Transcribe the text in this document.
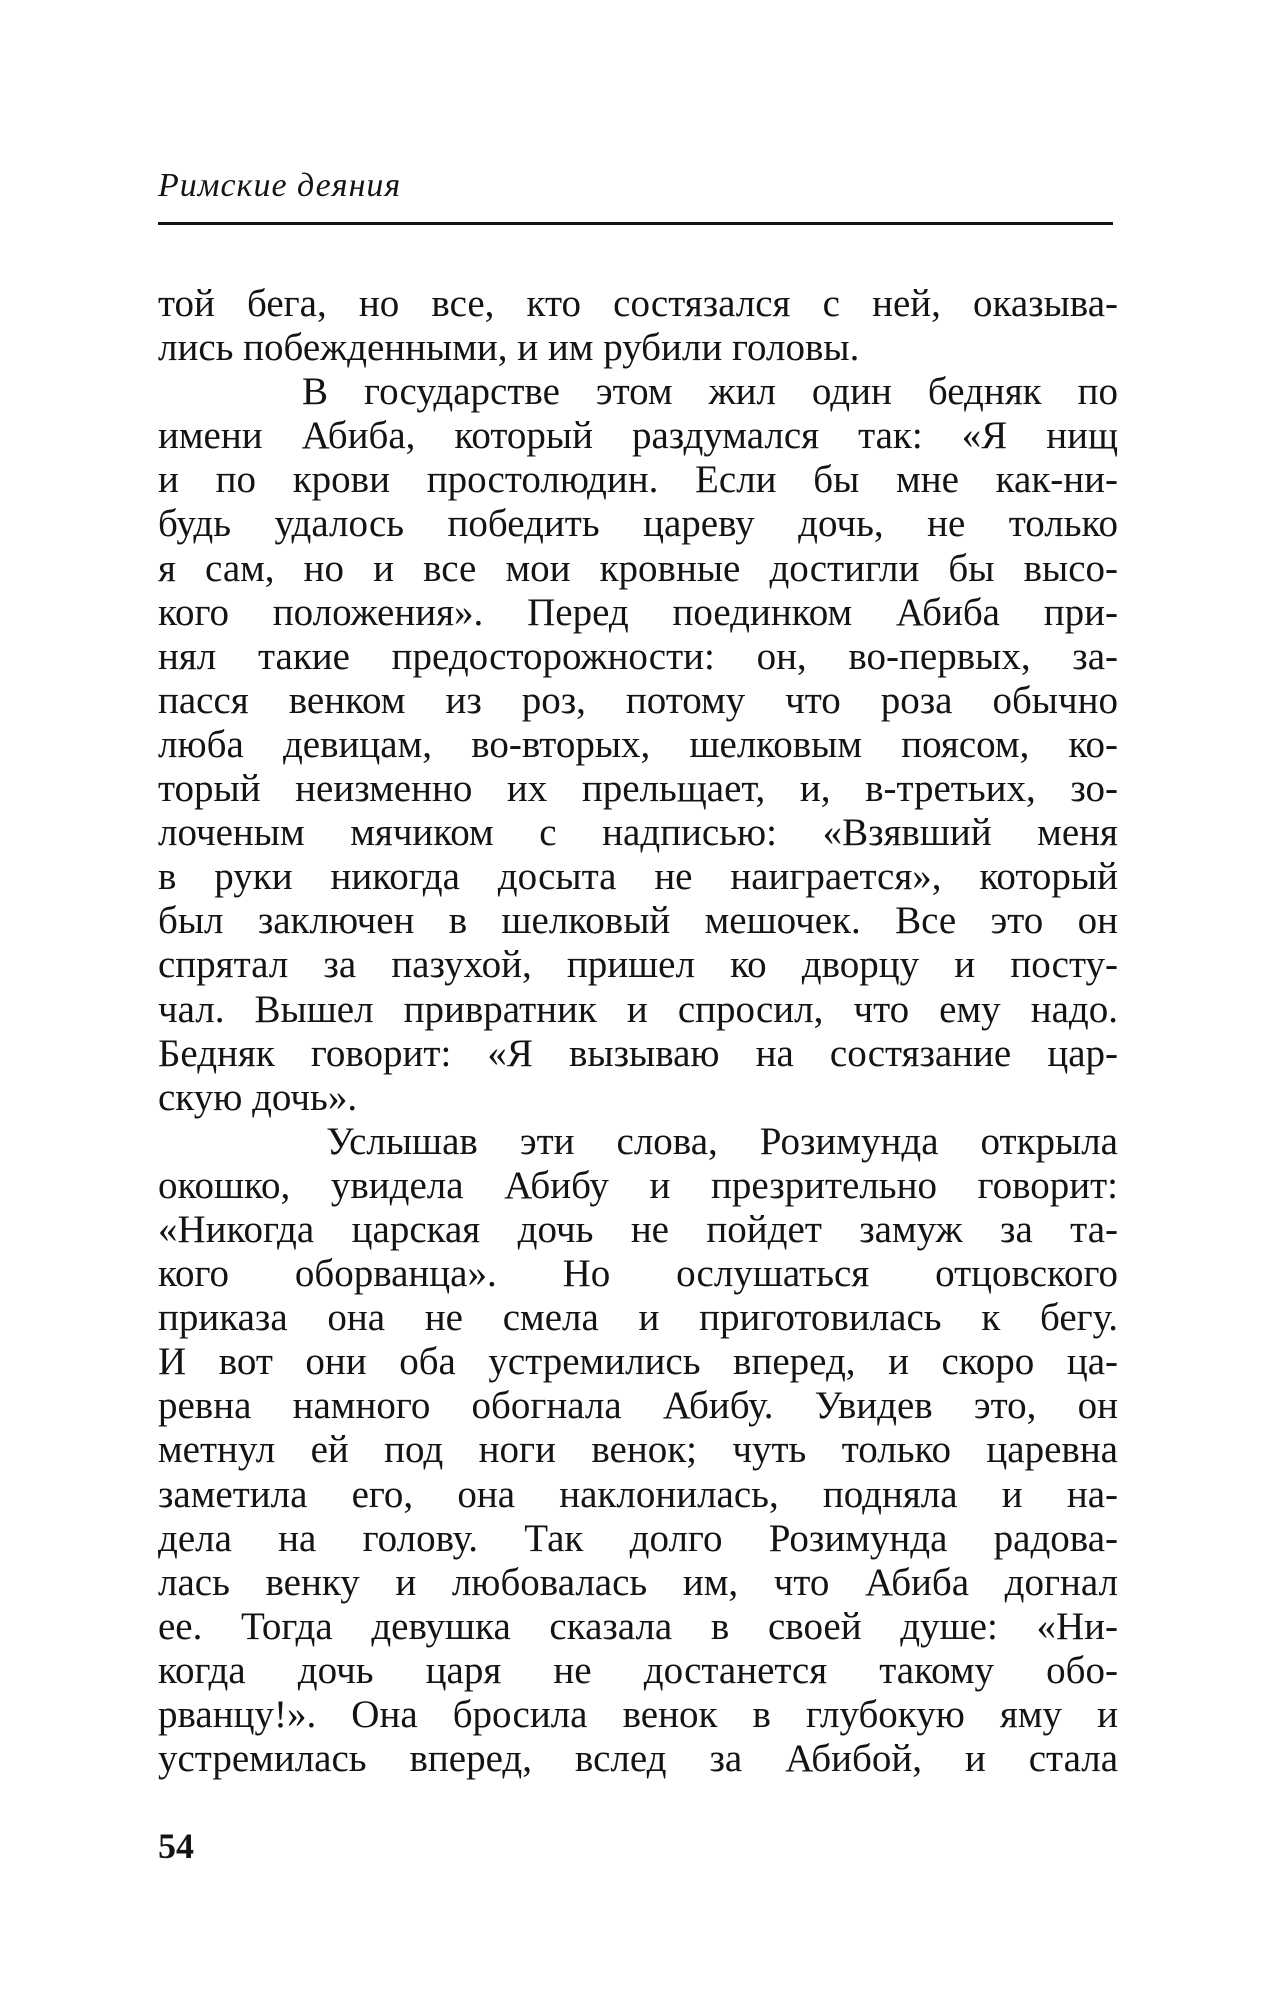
Римские деяния
той бега, но все, кто состязался с ней, оказыва-
лись побежденными, и им рубили головы.
В государстве этом жил один бедняк по
имени Абиба, который раздумался так: «Я нищ
и по крови простолюдин. Если бы мне как-ни-
будь удалось победить цареву дочь, не только
я сам, но и все мои кровные достигли бы высо-
кого положения». Перед поединком Абиба при-
нял такие предосторожности: он, во-первых, за-
пасся венком из роз, потому что роза обычно
люба девицам, во-вторых, шелковым поясом, ко-
торый неизменно их прельщает, и, в-третьих, зо-
лоченым мячиком с надписью: «Взявший меня
в руки никогда досыта не наиграется», который
был заключен в шелковый мешочек. Все это он
спрятал за пазухой, пришел ко дворцу и посту-
чал. Вышел привратник и спросил, что ему надо.
Бедняк говорит: «Я вызываю на состязание цар-
скую дочь».
Услышав эти слова, Розимунда открыла
окошко, увидела Абибу и презрительно говорит:
«Никогда царская дочь не пойдет замуж за та-
кого оборванца». Но ослушаться отцовского
приказа она не смела и приготовилась к бегу.
И вот они оба устремились вперед, и скоро ца-
ревна намного обогнала Абибу. Увидев это, он
метнул ей под ноги венок; чуть только царевна
заметила его, она наклонилась, подняла и на-
дела на голову. Так долго Розимунда радова-
лась венку и любовалась им, что Абиба догнал
ее. Тогда девушка сказала в своей душе: «Ни-
когда дочь царя не достанется такому обо-
рванцу!». Она бросила венок в глубокую яму и
устремилась вперед, вслед за Абибой, и стала
54
